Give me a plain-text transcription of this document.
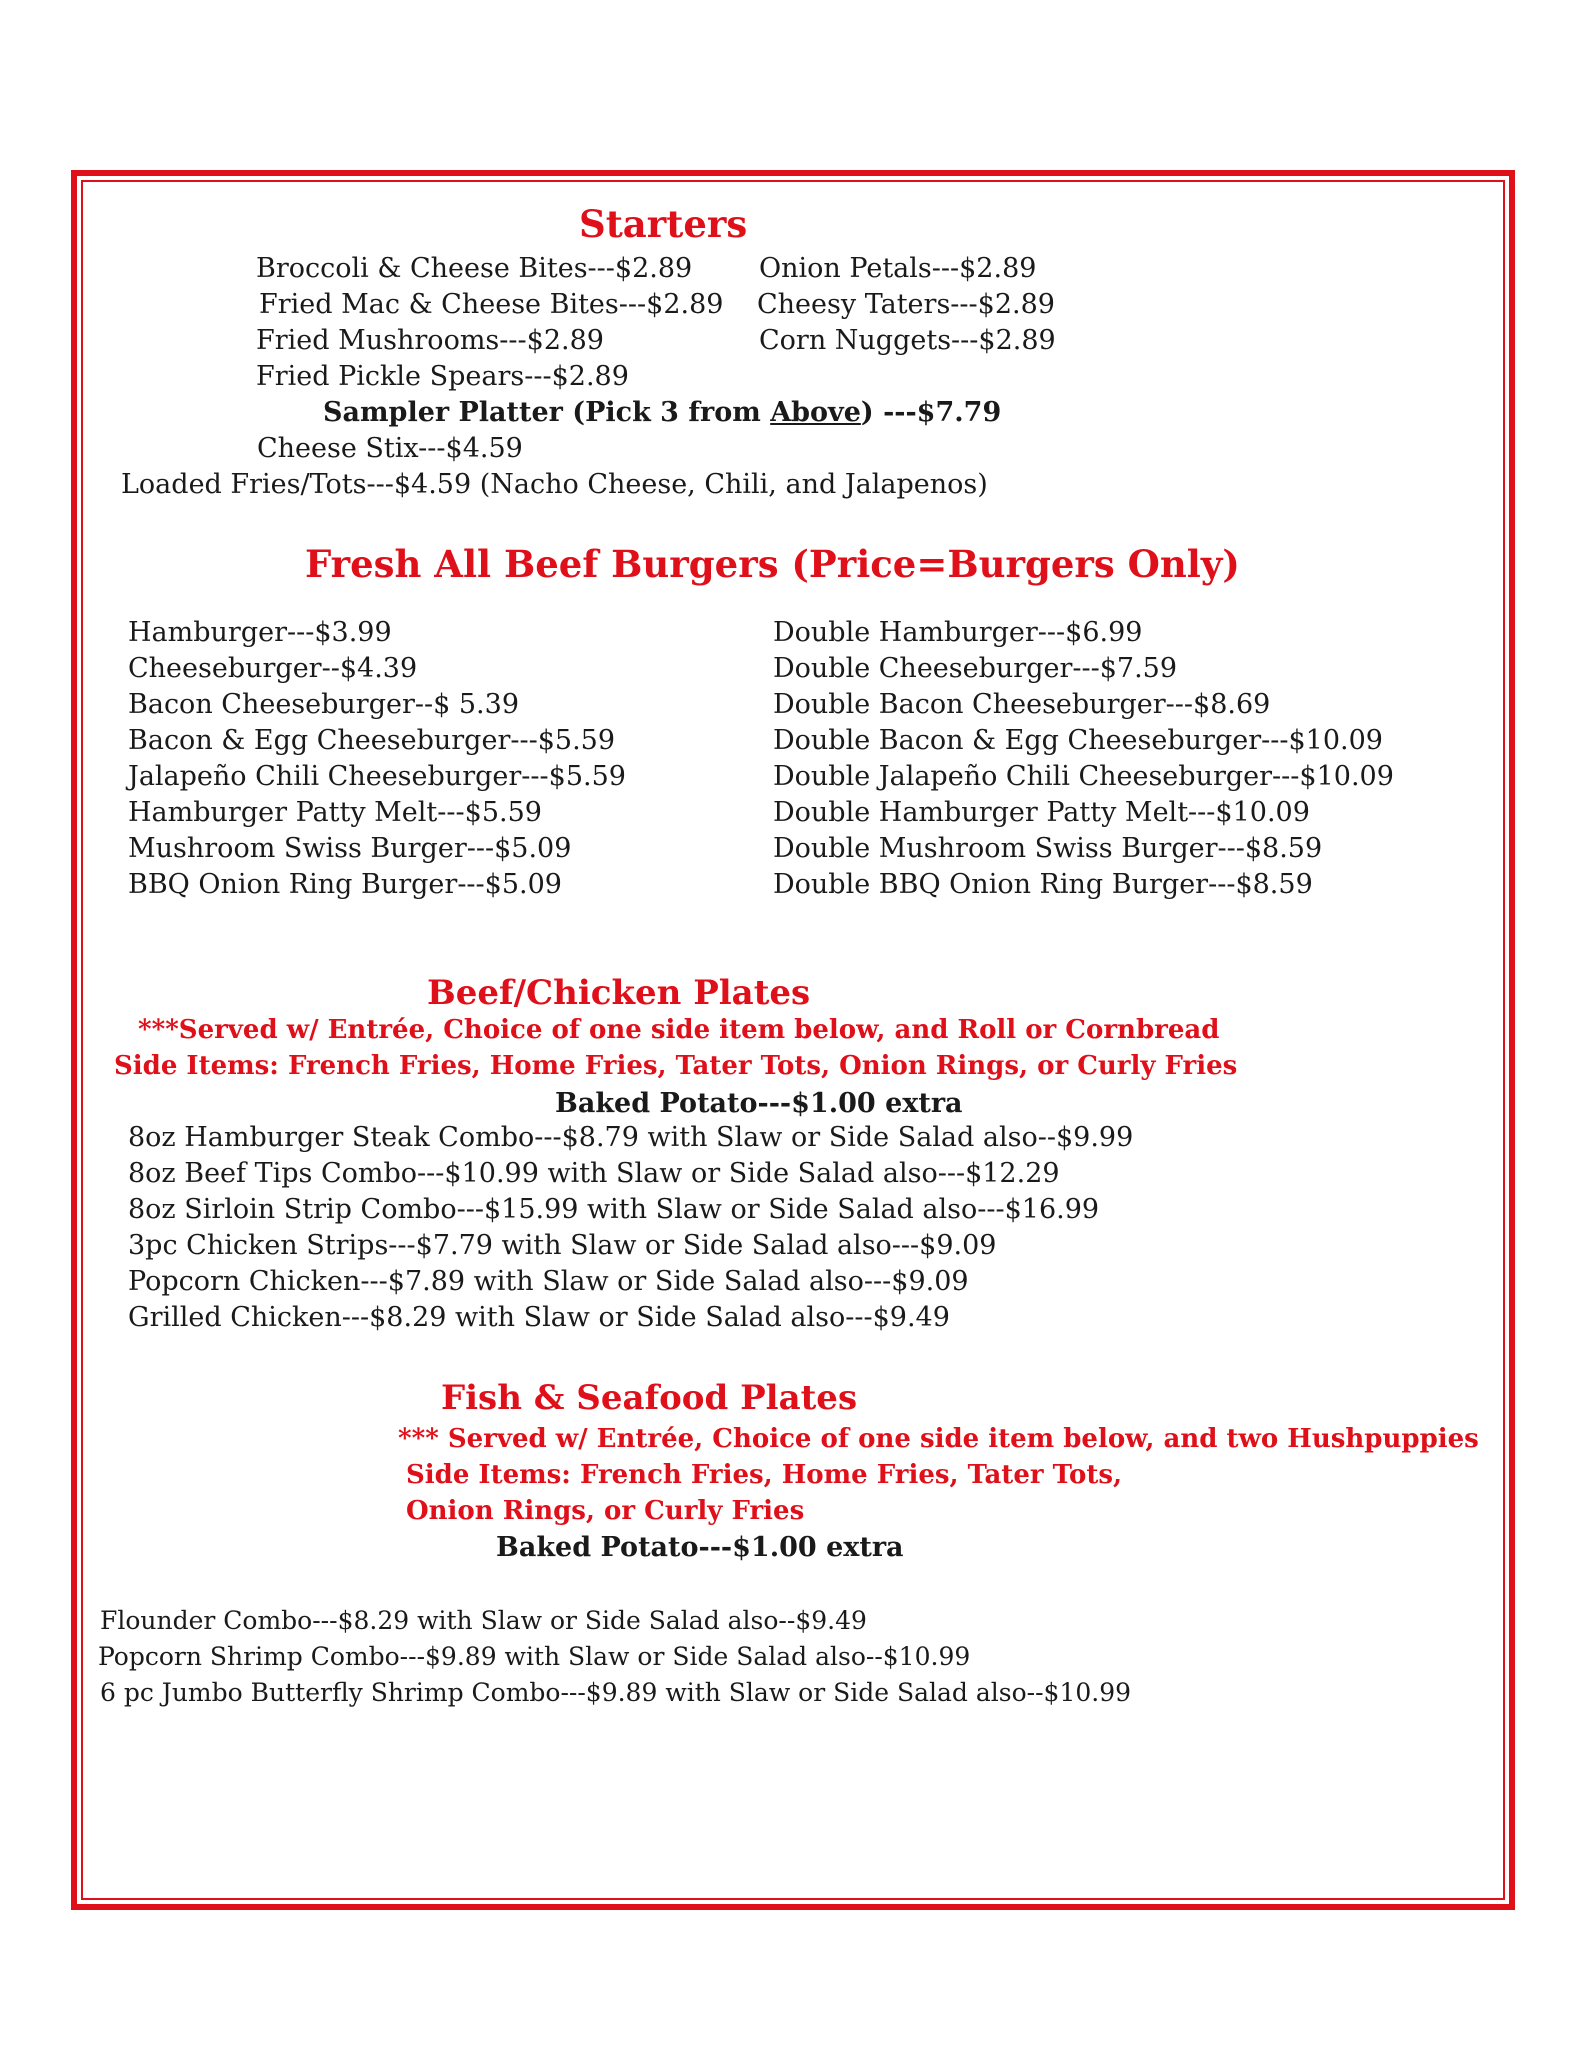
Starters
Broccoli & Cheese Bites---$2.89
Fried Mac & Cheese Bites---$2.89
Fried Mushrooms---$2.89
Fried Pickle Spears---$2.89
Onion Petals---$2.89
Cheesy Taters---$2.89
Corn Nuggets---$2.89
Sampler Platter (Pick 3 from Above) ---$7.79
Cheese Stix---$4.59
Loaded Fries/Tots---$4.59 (Nacho Cheese, Chili, and Jalapenos)
Fresh All Beef Burgers (Price=Burgers Only)
Hamburger---$3.99
Cheeseburger--$4.39
Bacon Cheeseburger--$ 5.39
Bacon & Egg Cheeseburger---$5.59
Jalapeño Chili Cheeseburger---$5.59
Hamburger Patty Melt---$5.59
Mushroom Swiss Burger---$5.09
BBQ Onion Ring Burger---$5.09
Double Hamburger---$6.99
Double Cheeseburger---$7.59
Double Bacon Cheeseburger---$8.69
Double Bacon & Egg Cheeseburger---$10.09
Double Jalapeño Chili Cheeseburger---$10.09
Double Hamburger Patty Melt---$10.09
Double Mushroom Swiss Burger---$8.59
Double BBQ Onion Ring Burger---$8.59
Beef/Chicken Plates
***Served w/ Entrée, Choice of one side item below, and Roll or Cornbread
Side Items: French Fries, Home Fries, Tater Tots, Onion Rings, or Curly Fries
Baked Potato---$1.00 extra
8oz Hamburger Steak Combo---$8.79 with Slaw or Side Salad also--$9.99
8oz Beef Tips Combo---$10.99 with Slaw or Side Salad also---$12.29
8oz Sirloin Strip Combo---$15.99 with Slaw or Side Salad also---$16.99
3pc Chicken Strips---$7.79 with Slaw or Side Salad also---$9.09
Popcorn Chicken---$7.89 with Slaw or Side Salad also---$9.09
Grilled Chicken---$8.29 with Slaw or Side Salad also---$9.49
Fish & Seafood Plates
*** Served w/ Entrée, Choice of one side item below, and two Hushpuppies
Side Items: French Fries, Home Fries, Tater Tots,
Onion Rings, or Curly Fries
Baked Potato---$1.00 extra
Flounder Combo---$8.29 with Slaw or Side Salad also--$9.49
Popcorn Shrimp Combo---$9.89 with Slaw or Side Salad also--$10.99
6 pc Jumbo Butterfly Shrimp Combo---$9.89 with Slaw or Side Salad also--$10.99
